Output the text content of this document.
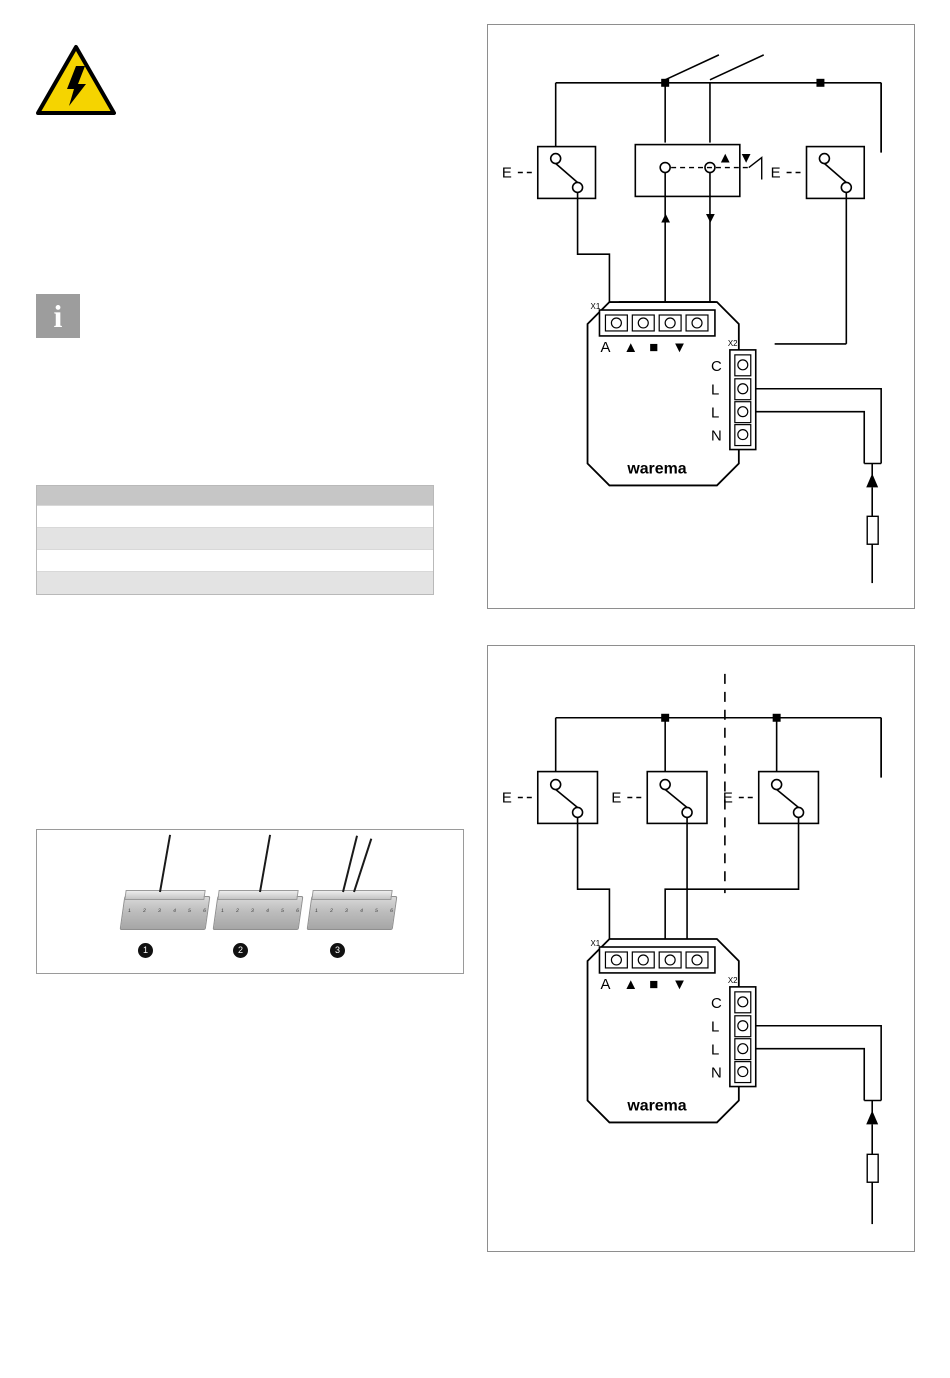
i
1 2 3 4 5 6	1 2 3 4 5 6	1 2 3 4 5 6
1	2	3
E
▲ ▼
▲ ▼
E
X1
A ▲ ■ ▼	X2
C
L
L
N
warema
E	E	E
X1
A ▲ ■ ▼	X2
C
L
L
N
warema
